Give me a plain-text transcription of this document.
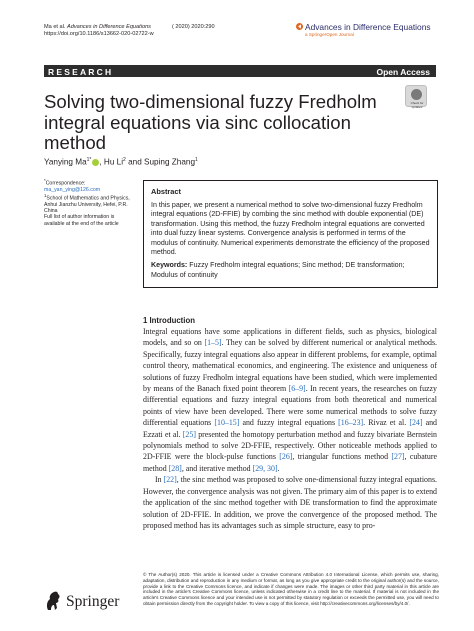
Ma et al. Advances in Difference Equations
https://doi.org/10.1186/s13662-020-02722-w
( 2020) 2020:290	Advances in Difference Equations
a SpringerOpen Journal
RESEARCH	Open Access
Solving two-dimensional fuzzy Fredholm integral equations via sinc collocation method
Check for updates
Yanying $Ma^{1*}$ , Hu Li$^2$ and Suping Zhang$^1$
*Correspondence:
ma_yan_ying@126.com
$^1$School of Mathematics and Physics, Anhui Jianzhu University, Hefei, P.R. China
Full list of author information is available at the end of the article
Abstract
In this paper, we present a numerical method to solve two-dimensional fuzzy Fredholm integral equations (2D-FFIE) by combing the sinc method with double exponential (DE) transformation. Using this method, the fuzzy Fredholm integral equations are converted into dual fuzzy linear systems. Convergence analysis is performed in terms of the modulus of continuity. Numerical experiments demonstrate the efficiency of the proposed method.
Keywords: Fuzzy Fredholm integral equations; Sinc method; DE transformation; Modulus of continuity
1 Introduction

Integral equations have some applications in different fields, such as physics, biological models, and so on [1–5]. They can be solved by different numerical or analytical methods. Specifically, fuzzy integral equations also appear in different problems, for example, optimal control theory, mathematical economics, and engineering. The existence and uniqueness of solutions of fuzzy Fredholm integral equations have been studied, which were implemented by means of the Banach fixed point theorem [6–9]. In recent years, the researches on fuzzy differential equations and fuzzy integral equations from both theoretical and numerical points of view have been developed. There were some numerical methods to solve fuzzy differential equations [10–15] and fuzzy integral equations [16–23]. Rivaz et al. [24] and Ezzati et al. [25] presented the homotopy perturbation method and fuzzy bivariate Bernstein polynomials method to solve 2D-FFIE, respectively. Other noticeable methods applied to 2D-FFIE were the block-pulse functions [26], triangular functions method [27], cubature method [28], and iterative method [29, 30].

In [22], the sinc method was proposed to solve one-dimensional fuzzy integral equations. However, the convergence analysis was not given. The primary aim of this paper is to extend the application of the sinc method together with DE transformation to find the approximate solution of 2D-FFIE. In addition, we prove the convergence of the proposed method. The proposed method has its advantages such as simple structure, easy to pro-

© The Author(s) 2020. This article is licensed under a Creative Commons Attribution 4.0 International License, which permits use, sharing, adaptation, distribution and reproduction in any medium or format, as long as you give appropriate credit to the original author(s) and the source, provide a link to the Creative Commons licence, and indicate if changes were made. The images or other third party material in this article are included in the article's Creative Commons licence, unless indicated otherwise in a credit line to the material. If material is not included in the article's Creative Commons licence and your intended use is not permitted by statutory regulation or exceeds the permitted use, you will need to obtain permission directly from the copyright holder. To view a copy of this licence, visit http://creativecommons.org/licenses/by/4.0/.
Springer
